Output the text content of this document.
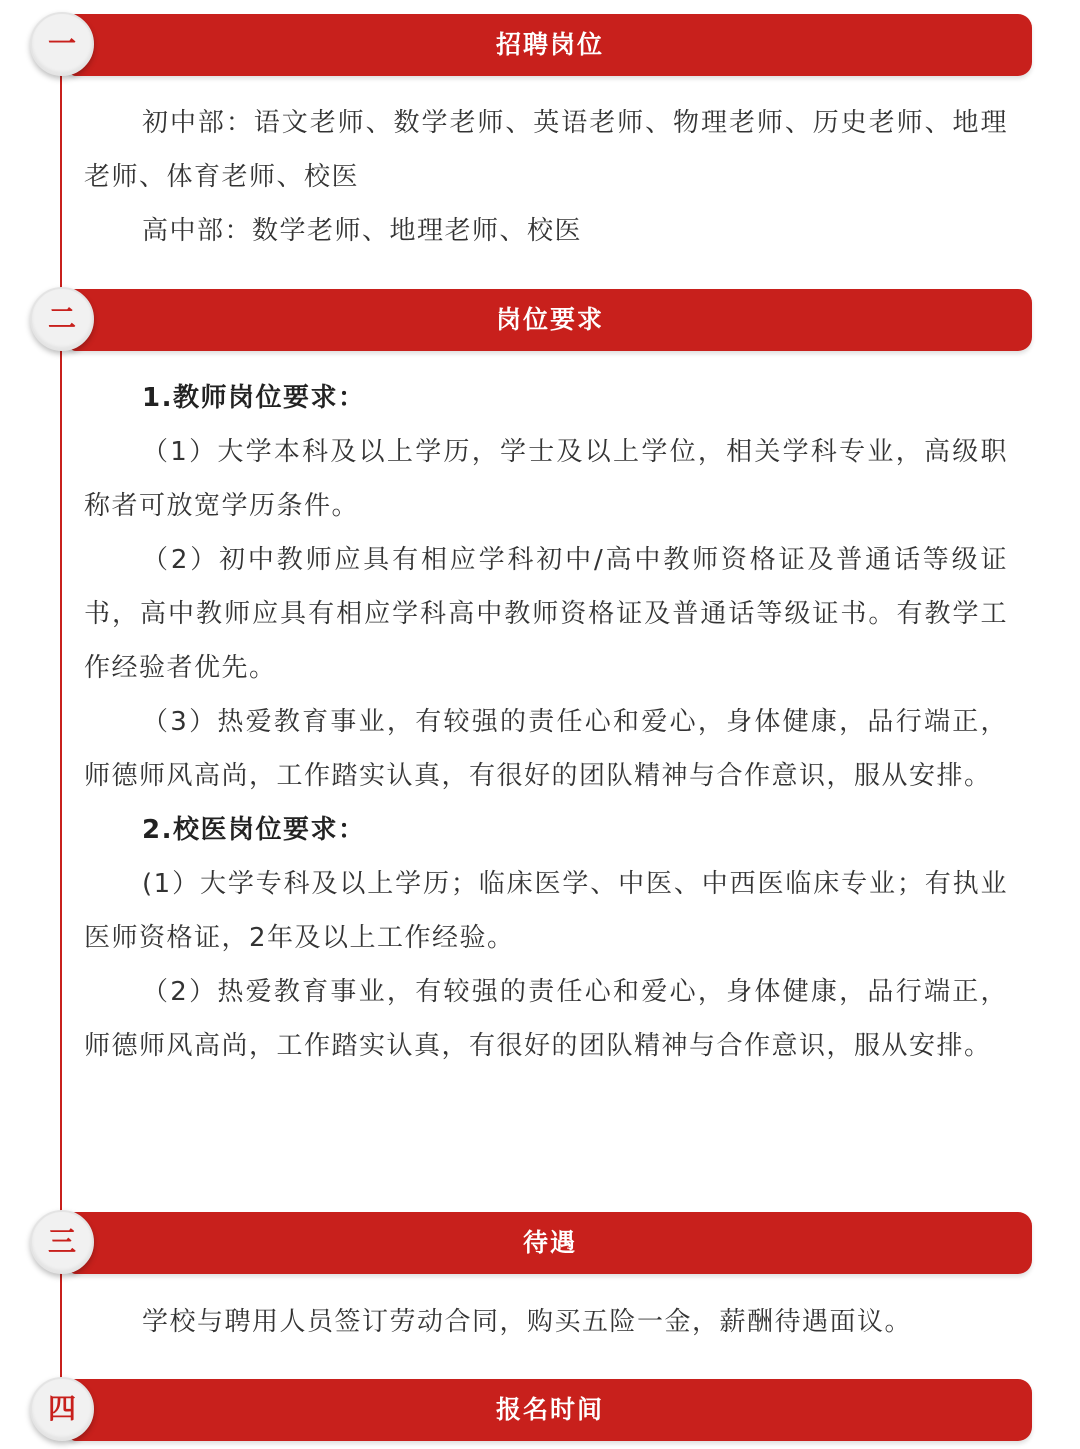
招聘岗位
一

初中部：语文老师、数学老师、英语老师、物理老师、历史老师、地理老师、体育老师、校医

高中部：数学老师、地理老师、校医

岗位要求
二

1.教师岗位要求：

（1）大学本科及以上学历，学士及以上学位，相关学科专业，高级职称者可放宽学历条件。

（2）初中教师应具有相应学科初中/高中教师资格证及普通话等级证书，高中教师应具有相应学科高中教师资格证及普通话等级证书。有教学工作经验者优先。

（3）热爱教育事业，有较强的责任心和爱心，身体健康，品行端正，师德师风高尚，工作踏实认真，有很好的团队精神与合作意识，服从安排。

2.校医岗位要求：

(1）大学专科及以上学历；临床医学、中医、中西医临床专业；有执业医师资格证，2年及以上工作经验。

（2）热爱教育事业，有较强的责任心和爱心，身体健康，品行端正，师德师风高尚，工作踏实认真，有很好的团队精神与合作意识，服从安排。

待遇
三

学校与聘用人员签订劳动合同，购买五险一金，薪酬待遇面议。

报名时间
四
